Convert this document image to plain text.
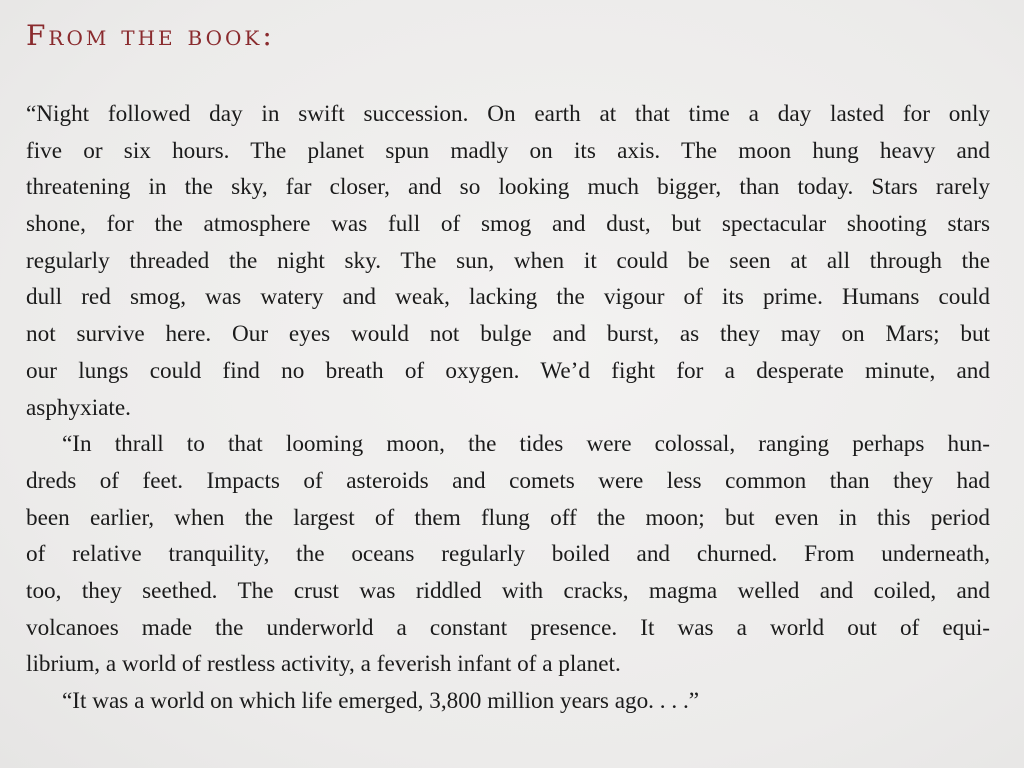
From the book:
“Night followed day in swift succession. On earth at that time a day lasted for only
five or six hours. The planet spun madly on its axis. The moon hung heavy and
threatening in the sky, far closer, and so looking much bigger, than today. Stars rarely
shone, for the atmosphere was full of smog and dust, but spectacular shooting stars
regularly threaded the night sky. The sun, when it could be seen at all through the
dull red smog, was watery and weak, lacking the vigour of its prime. Humans could
not survive here. Our eyes would not bulge and burst, as they may on Mars; but
our lungs could find no breath of oxygen. We’d fight for a desperate minute, and
asphyxiate.
“In thrall to that looming moon, the tides were colossal, ranging perhaps hun-
dreds of feet. Impacts of asteroids and comets were less common than they had
been earlier, when the largest of them flung off the moon; but even in this period
of relative tranquility, the oceans regularly boiled and churned. From underneath,
too, they seethed. The crust was riddled with cracks, magma welled and coiled, and
volcanoes made the underworld a constant presence. It was a world out of equi-
librium, a world of restless activity, a feverish infant of a planet.
“It was a world on which life emerged, 3,800 million years ago. . . .”
